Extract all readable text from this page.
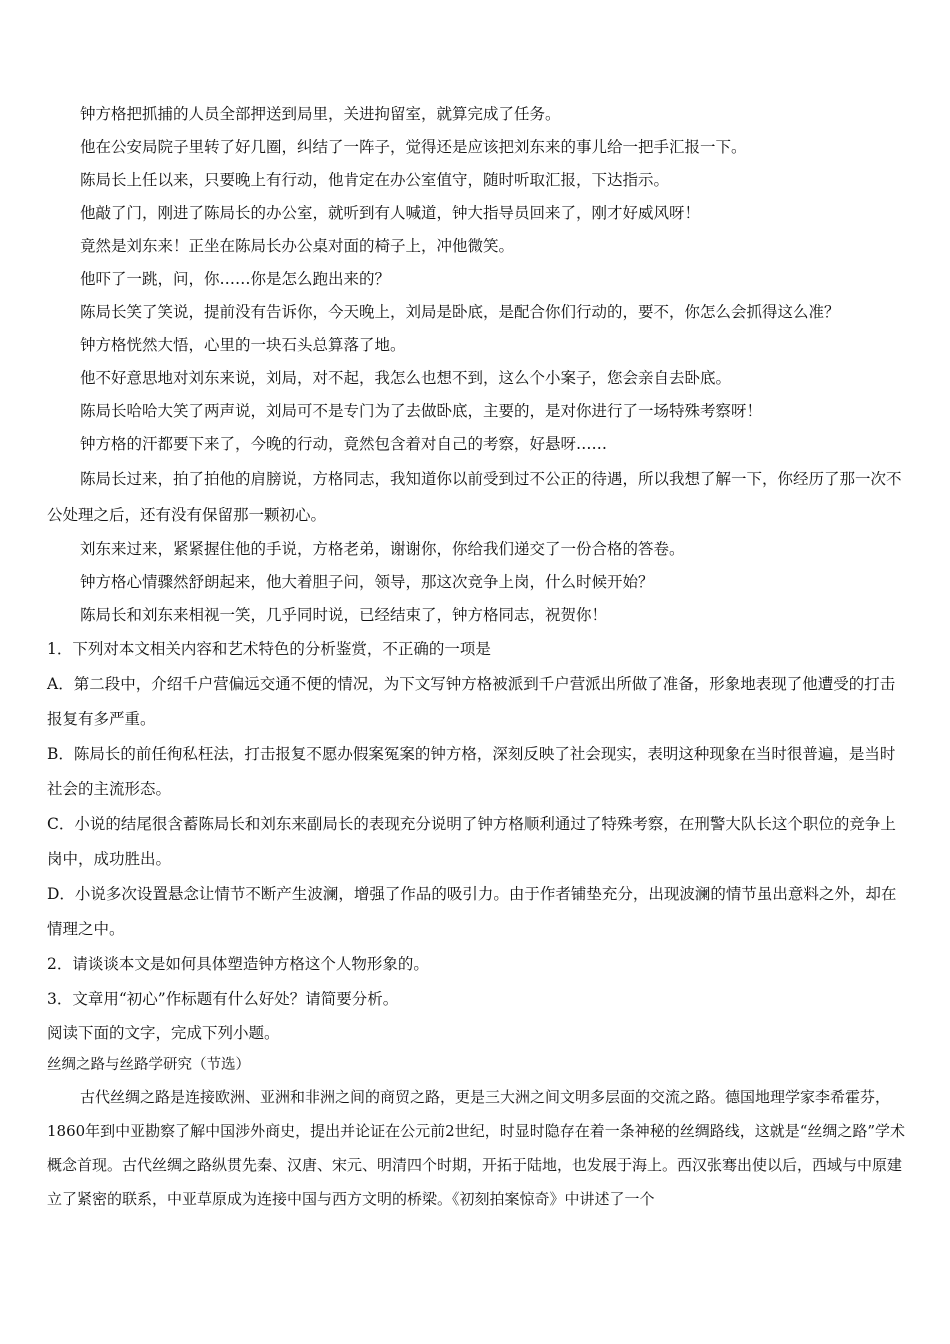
钟方格把抓捕的人员全部押送到局里，关进拘留室，就算完成了任务。

他在公安局院子里转了好几圈，纠结了一阵子，觉得还是应该把刘东来的事儿给一把手汇报一下。

陈局长上任以来，只要晚上有行动，他肯定在办公室值守，随时听取汇报，下达指示。

他敲了门，刚进了陈局长的办公室，就听到有人喊道，钟大指导员回来了，刚才好威风呀！

竟然是刘东来！正坐在陈局长办公桌对面的椅子上，冲他微笑。

他吓了一跳，问，你……你是怎么跑出来的？

陈局长笑了笑说，提前没有告诉你，今天晚上，刘局是卧底，是配合你们行动的，要不，你怎么会抓得这么准？

钟方格恍然大悟，心里的一块石头总算落了地。

他不好意思地对刘东来说，刘局，对不起，我怎么也想不到，这么个小案子，您会亲自去卧底。

陈局长哈哈大笑了两声说，刘局可不是专门为了去做卧底，主要的，是对你进行了一场特殊考察呀！

钟方格的汗都要下来了，今晚的行动，竟然包含着对自己的考察，好悬呀……

陈局长过来，拍了拍他的肩膀说，方格同志，我知道你以前受到过不公正的待遇，所以我想了解一下，你经历了那一次不公处理之后，还有没有保留那一颗初心。

刘东来过来，紧紧握住他的手说，方格老弟，谢谢你，你给我们递交了一份合格的答卷。

钟方格心情骤然舒朗起来，他大着胆子问，领导，那这次竞争上岗，什么时候开始？

陈局长和刘东来相视一笑，几乎同时说，已经结束了，钟方格同志，祝贺你！

1．下列对本文相关内容和艺术特色的分析鉴赏，不正确的一项是

A．第二段中，介绍千户营偏远交通不便的情况，为下文写钟方格被派到千户营派出所做了准备，形象地表现了他遭受的打击报复有多严重。

B．陈局长的前任徇私枉法，打击报复不愿办假案冤案的钟方格，深刻反映了社会现实，表明这种现象在当时很普遍，是当时社会的主流形态。

C．小说的结尾很含蓄陈局长和刘东来副局长的表现充分说明了钟方格顺利通过了特殊考察，在刑警大队长这个职位的竞争上岗中，成功胜出。

D．小说多次设置悬念让情节不断产生波澜，增强了作品的吸引力。由于作者铺垫充分，出现波澜的情节虽出意料之外，却在情理之中。

2．请谈谈本文是如何具体塑造钟方格这个人物形象的。

3．文章用“初心”作标题有什么好处？请简要分析。

阅读下面的文字，完成下列小题。

丝绸之路与丝路学研究（节选）

古代丝绸之路是连接欧洲、亚洲和非洲之间的商贸之路，更是三大洲之间文明多层面的交流之路。德国地理学家李希霍芬，1860年到中亚勘察了解中国涉外商史，提出并论证在公元前2世纪，时显时隐存在着一条神秘的丝绸路线，这就是“丝绸之路”学术概念首现。古代丝绸之路纵贯先秦、汉唐、宋元、明清四个时期，开拓于陆地，也发展于海上。西汉张骞出使以后，西域与中原建立了紧密的联系，中亚草原成为连接中国与西方文明的桥梁。《初刻拍案惊奇》中讲述了一个
